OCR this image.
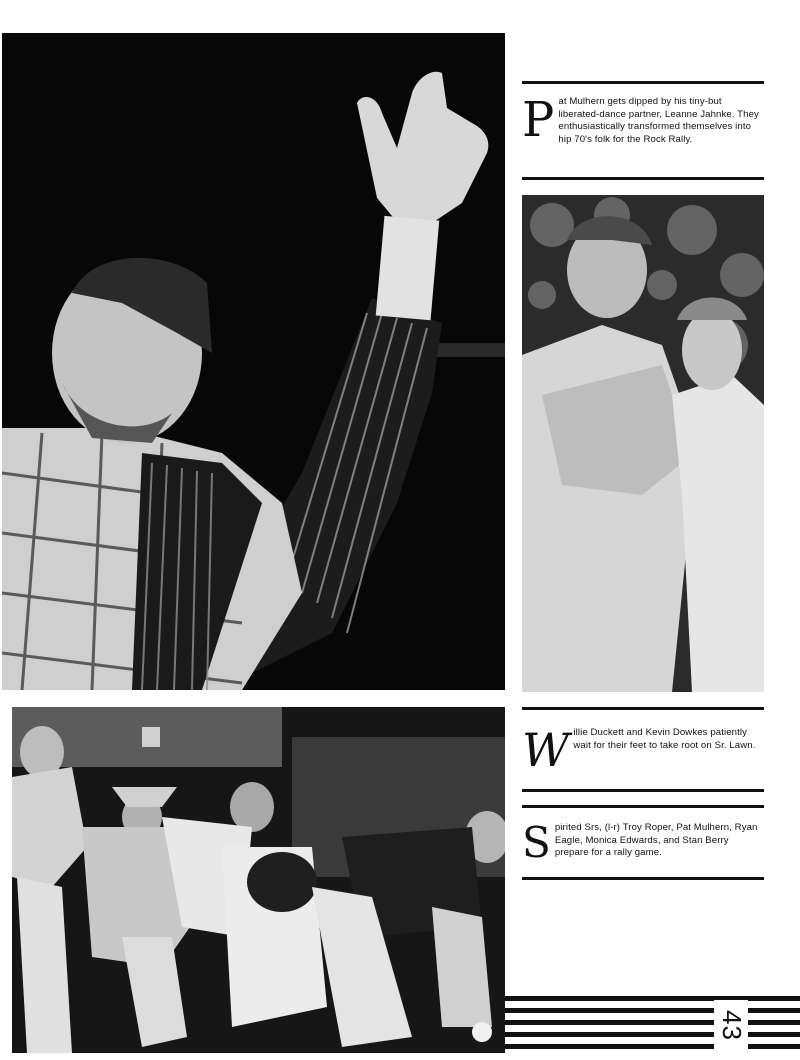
P at Mulhern gets dipped by his tiny-but liberated-dance partner, Leanne Jahnke. They enthusiastically transformed themselves into hip 70's folk for the Rock Rally.
W illie Duckett and Kevin Dowkes patiently wait for their feet to take root on Sr. Lawn.
S pirited Srs, (l-r) Troy Roper, Pat Mulhern, Ryan Eagle, Monica Edwards, and Stan Berry prepare for a rally game.
43
